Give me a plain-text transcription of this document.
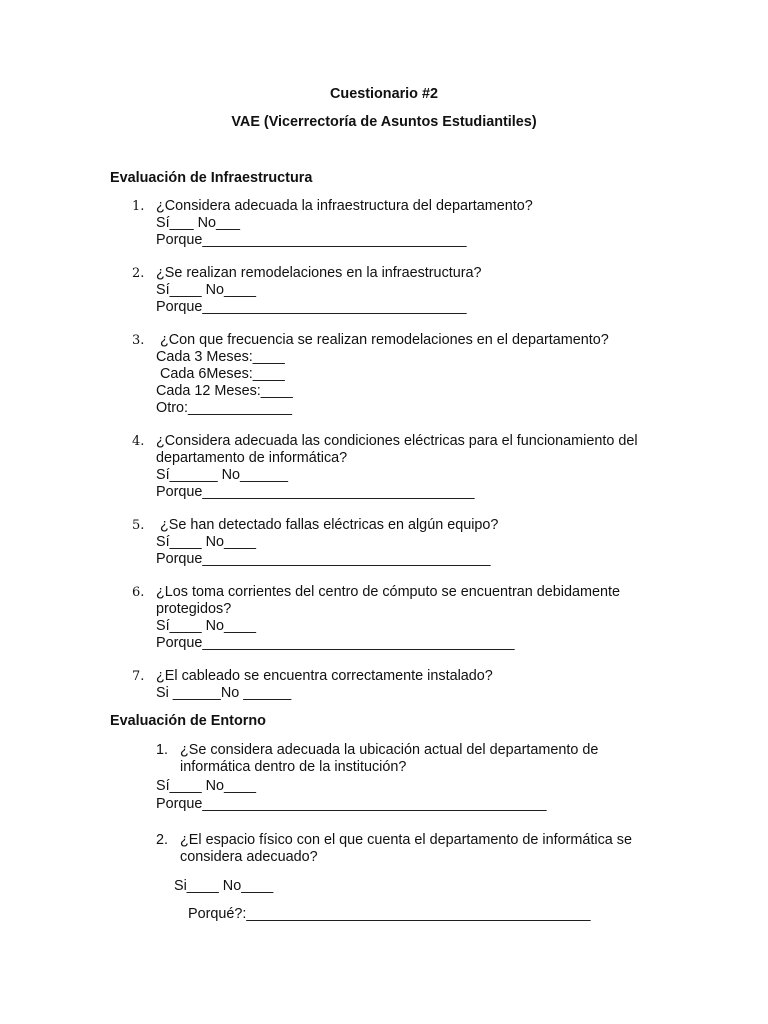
Cuestionario #2
VAE (Vicerrectoría de Asuntos Estudiantiles)
Evaluación de Infraestructura
1. ¿Considera adecuada la infraestructura del departamento?
Sí___ No___
Porque_________________________________
2. ¿Se realizan remodelaciones en la infraestructura?
Sí____ No____
Porque_________________________________
3. ¿Con que frecuencia se realizan remodelaciones en el departamento?
Cada 3 Meses:____
Cada 6Meses:____
Cada 12 Meses:____
Otro:_____________
4. ¿Considera adecuada las condiciones eléctricas para el funcionamiento del departamento de informática?
Sí______ No______
Porque__________________________________
5. ¿Se han detectado fallas eléctricas en algún equipo?
Sí____ No____
Porque____________________________________
6. ¿Los toma corrientes del centro de cómputo se encuentran debidamente protegidos?
Sí____ No____
Porque_______________________________________
7. ¿El cableado se encuentra correctamente instalado?
Si ______No ______
Evaluación de Entorno
1. ¿Se considera adecuada la ubicación actual del departamento de informática dentro de la institución?
Sí____ No____
Porque___________________________________________
2. ¿El espacio físico con el que cuenta el departamento de informática se considera adecuado?
Si____ No____
Porqué?:___________________________________________
